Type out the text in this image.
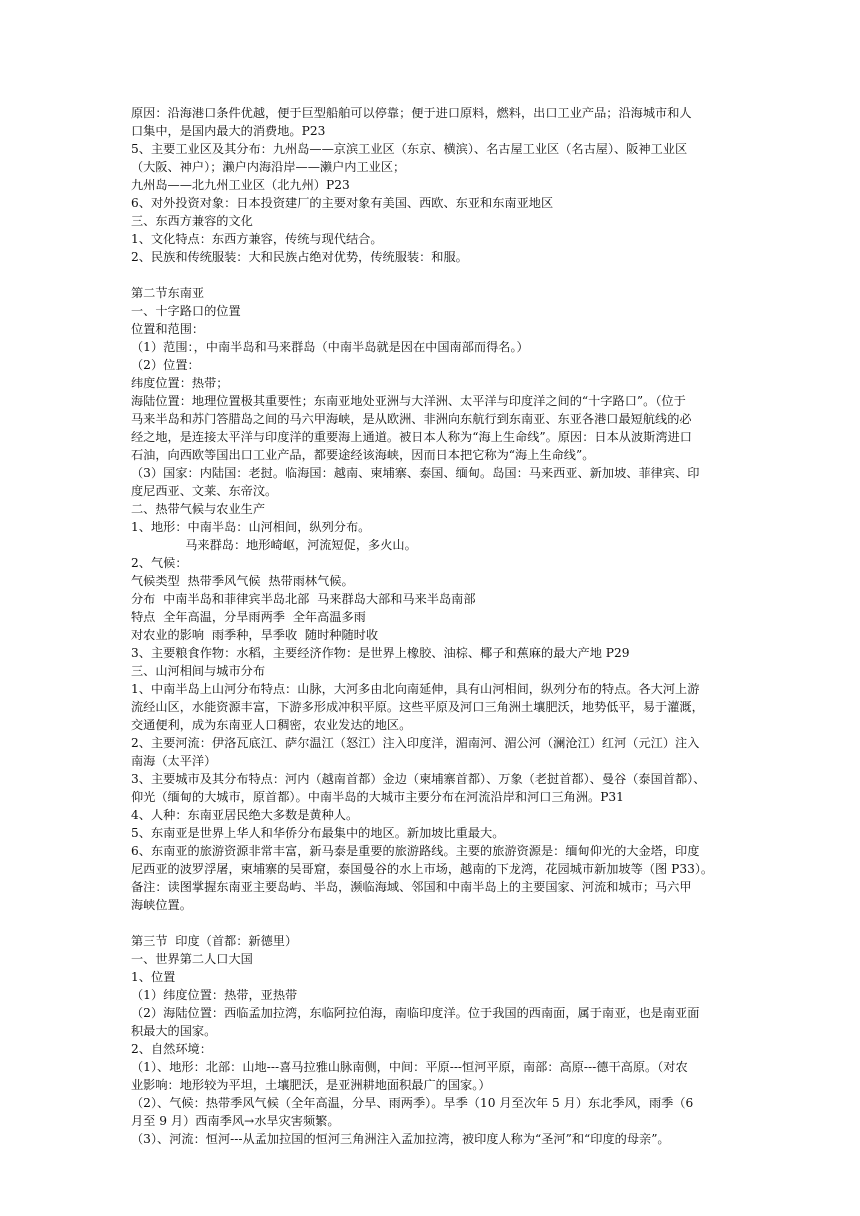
原因：沿海港口条件优越，便于巨型船舶可以停靠；便于进口原料，燃料，出口工业产品；沿海城市和人
口集中，是国内最大的消费地。P23
5、主要工业区及其分布：九州岛——京滨工业区（东京、横滨）、名古屋工业区（名古屋）、阪神工业区
（大阪、神户）；濑户内海沿岸——濑户内工业区；
九州岛——北九州工业区（北九州）P23
6、对外投资对象：日本投资建厂的主要对象有美国、西欧、东亚和东南亚地区
三、东西方兼容的文化
1、文化特点：东西方兼容，传统与现代结合。
2、民族和传统服装：大和民族占绝对优势，传统服装：和服。
第二节东南亚
一、十字路口的位置
位置和范围：
（1）范围：，中南半岛和马来群岛（中南半岛就是因在中国南部而得名。）
（2）位置：
纬度位置：热带；
海陆位置：地理位置极其重要性；东南亚地处亚洲与大洋洲、太平洋与印度洋之间的“十字路口”。（位于
马来半岛和苏门答腊岛之间的马六甲海峡，是从欧洲、非洲向东航行到东南亚、东亚各港口最短航线的必
经之地，是连接太平洋与印度洋的重要海上通道。被日本人称为“海上生命线”。原因：日本从波斯湾进口
石油，向西欧等国出口工业产品，都要途经该海峡，因而日本把它称为“海上生命线”。
（3）国家：内陆国：老挝。临海国：越南、柬埔寨、泰国、缅甸。岛国：马来西亚、新加坡、菲律宾、印
度尼西亚、文莱、东帝汶。
二、热带气候与农业生产
1、地形：中南半岛：山河相间，纵列分布。
马来群岛：地形崎岖，河流短促，多火山。
2、气候：
气候类型  热带季风气候  热带雨林气候。
分布  中南半岛和菲律宾半岛北部  马来群岛大部和马来半岛南部
特点  全年高温，分旱雨两季  全年高温多雨
对农业的影响  雨季种，旱季收  随时种随时收
3、主要粮食作物：水稻，主要经济作物：是世界上橡胶、油棕、椰子和蕉麻的最大产地 P29
三、山河相间与城市分布
1、中南半岛上山河分布特点：山脉，大河多由北向南延伸，具有山河相间，纵列分布的特点。各大河上游
流经山区，水能资源丰富，下游多形成冲积平原。这些平原及河口三角洲土壤肥沃，地势低平，易于灌溉，
交通便利，成为东南亚人口稠密，农业发达的地区。
2、主要河流：伊洛瓦底江、萨尔温江（怒江）注入印度洋，湄南河、湄公河（澜沧江）红河（元江）注入
南海（太平洋）
3、主要城市及其分布特点：河内（越南首都）金边（柬埔寨首都）、万象（老挝首都）、曼谷（泰国首都）、
仰光（缅甸的大城市，原首都）。中南半岛的大城市主要分布在河流沿岸和河口三角洲。P31
4、人种：东南亚居民绝大多数是黄种人。
5、东南亚是世界上华人和华侨分布最集中的地区。新加坡比重最大。
6、东南亚的旅游资源非常丰富，新马泰是重要的旅游路线。主要的旅游资源是：缅甸仰光的大金塔，印度
尼西亚的波罗浮屠，柬埔寨的吴哥窟，泰国曼谷的水上市场，越南的下龙湾，花园城市新加坡等（图 P33）。
备注：读图掌握东南亚主要岛屿、半岛，濒临海域、邻国和中南半岛上的主要国家、河流和城市；马六甲
海峡位置。
第三节  印度（首都：新德里）
一、世界第二人口大国
1、位置
（1）纬度位置：热带，亚热带
（2）海陆位置：西临孟加拉湾，东临阿拉伯海，南临印度洋。位于我国的西南面，属于南亚，也是南亚面
积最大的国家。
2、自然环境：
（1）、地形：北部：山地---喜马拉雅山脉南侧，中间：平原---恒河平原，南部：高原---德干高原。（对农
业影响：地形较为平坦，土壤肥沃，是亚洲耕地面积最广的国家。）
（2）、气候：热带季风气候（全年高温，分旱、雨两季）。旱季（10 月至次年 5 月）东北季风，雨季（6
月至 9 月）西南季风→水旱灾害频繁。
（3）、河流：恒河---从孟加拉国的恒河三角洲注入孟加拉湾，被印度人称为“圣河”和“印度的母亲”。
